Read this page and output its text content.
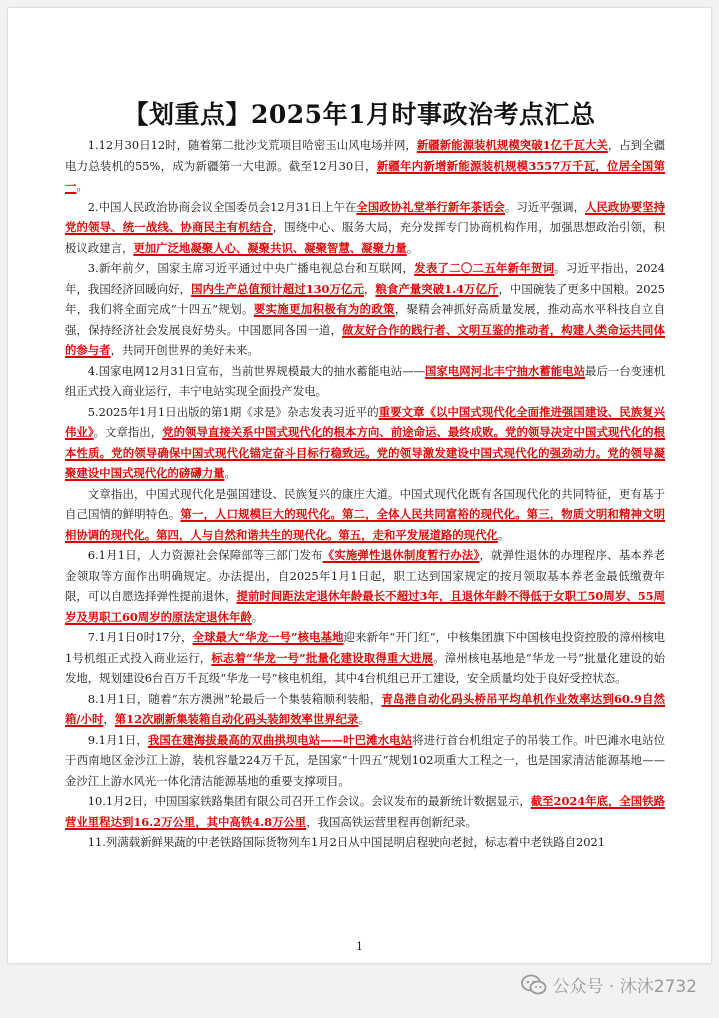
【划重点】2025年1月时事政治考点汇总

1.12月30日12时，随着第二批沙戈荒项目哈密玉山风电场并网，新疆新能源装机规模突破1亿千瓦大关，占到全疆电力总装机的55%，成为新疆第一大电源。截至12月30日，新疆年内新增新能源装机规模3557万千瓦，位居全国第一。

2.中国人民政治协商会议全国委员会12月31日上午在全国政协礼堂举行新年茶话会。习近平强调，人民政协要坚持党的领导、统一战线、协商民主有机结合，围绕中心、服务大局，充分发挥专门协商机构作用，加强思想政治引领，积极议政建言，更加广泛地凝聚人心、凝聚共识、凝聚智慧、凝聚力量。

3.新年前夕，国家主席习近平通过中央广播电视总台和互联网，发表了二〇二五年新年贺词。习近平指出，2024年，我国经济回暖向好，国内生产总值预计超过130万亿元，粮食产量突破1.4万亿斤，中国碗装了更多中国粮。2025年，我们将全面完成“十四五”规划。要实施更加积极有为的政策，聚精会神抓好高质量发展，推动高水平科技自立自强，保持经济社会发展良好势头。中国愿同各国一道，做友好合作的践行者、文明互鉴的推动者，构建人类命运共同体的参与者，共同开创世界的美好未来。

4.国家电网12月31日宣布，当前世界规模最大的抽水蓄能电站——国家电网河北丰宁抽水蓄能电站最后一台变速机组正式投入商业运行，丰宁电站实现全面投产发电。

5.2025年1月1日出版的第1期《求是》杂志发表习近平的重要文章《以中国式现代化全面推进强国建设、民族复兴伟业》。文章指出，党的领导直接关系中国式现代化的根本方向、前途命运、最终成败。党的领导决定中国式现代化的根本性质。党的领导确保中国式现代化锚定奋斗目标行稳致远。党的领导激发建设中国式现代化的强劲动力。党的领导凝聚建设中国式现代化的磅礴力量。

文章指出，中国式现代化是强国建设、民族复兴的康庄大道。中国式现代化既有各国现代化的共同特征，更有基于自己国情的鲜明特色。第一，人口规模巨大的现代化。第二，全体人民共同富裕的现代化。第三，物质文明和精神文明相协调的现代化。第四，人与自然和谐共生的现代化。第五，走和平发展道路的现代化。

6.1月1日，人力资源社会保障部等三部门发布《实施弹性退休制度暂行办法》，就弹性退休的办理程序、基本养老金领取等方面作出明确规定。办法提出，自2025年1月1日起，职工达到国家规定的按月领取基本养老金最低缴费年限，可以自愿选择弹性提前退休，提前时间距法定退休年龄最长不超过3年，且退休年龄不得低于女职工50周岁、55周岁及男职工60周岁的原法定退休年龄。

7.1月1日0时17分，全球最大“华龙一号”核电基地迎来新年“开门红”，中核集团旗下中国核电投资控股的漳州核电1号机组正式投入商业运行，标志着“华龙一号”批量化建设取得重大进展。漳州核电基地是“华龙一号”批量化建设的始发地，规划建设6台百万千瓦级“华龙一号”核电机组，其中4台机组已开工建设，安全质量均处于良好受控状态。

8.1月1日，随着“东方澳洲”轮最后一个集装箱顺利装船，青岛港自动化码头桥吊平均单机作业效率达到60.9自然箱/小时，第12次刷新集装箱自动化码头装卸效率世界纪录。

9.1月1日，我国在建海拔最高的双曲拱坝电站——叶巴滩水电站将进行首台机组定子的吊装工作。叶巴滩水电站位于西南地区金沙江上游，装机容量224万千瓦，是国家“十四五”规划102项重大工程之一，也是国家清洁能源基地——金沙江上游水风光一体化清洁能源基地的重要支撑项目。

10.1月2日，中国国家铁路集团有限公司召开工作会议。会议发布的最新统计数据显示，截至2024年底，全国铁路营业里程达到16.2万公里，其中高铁4.8万公里，我国高铁运营里程再创新纪录。

11.列满载新鲜果蔬的中老铁路国际货物列车1月2日从中国昆明启程驶向老挝，标志着中老铁路自2021

1
公众号 · 沐沐2732
